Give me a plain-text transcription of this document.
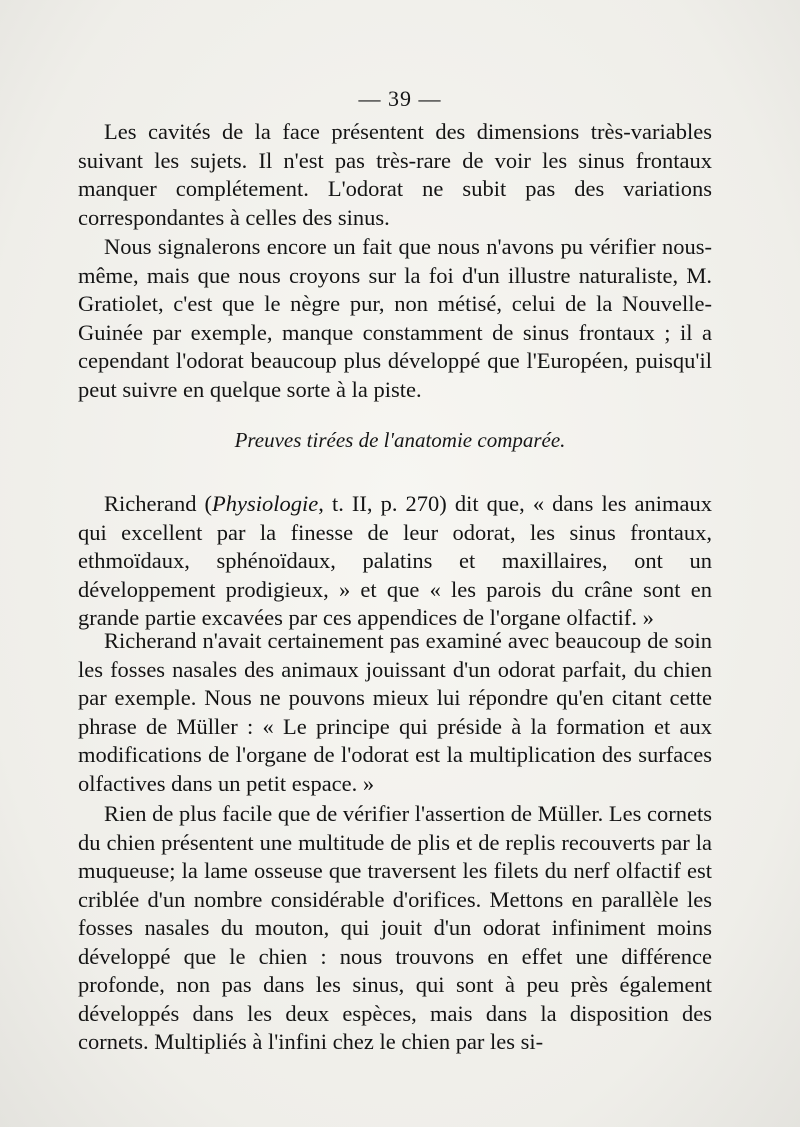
— 39 —

Les cavités de la face présentent des dimensions très-variables suivant les sujets. Il n'est pas très-rare de voir les sinus frontaux manquer complétement. L'odorat ne subit pas des variations correspondantes à celles des sinus.

Nous signalerons encore un fait que nous n'avons pu vérifier nous-même, mais que nous croyons sur la foi d'un illustre naturaliste, M. Gratiolet, c'est que le nègre pur, non métisé, celui de la Nouvelle-Guinée par exemple, manque constamment de sinus frontaux ; il a cependant l'odorat beaucoup plus développé que l'Européen, puisqu'il peut suivre en quelque sorte à la piste.

Preuves tirées de l'anatomie comparée.

Richerand (Physiologie, t. II, p. 270) dit que, « dans les animaux qui excellent par la finesse de leur odorat, les sinus frontaux, ethmoïdaux, sphénoïdaux, palatins et maxillaires, ont un développement prodigieux, » et que « les parois du crâne sont en grande partie excavées par ces appendices de l'organe olfactif. »

Richerand n'avait certainement pas examiné avec beaucoup de soin les fosses nasales des animaux jouissant d'un odorat parfait, du chien par exemple. Nous ne pouvons mieux lui répondre qu'en citant cette phrase de Müller : « Le principe qui préside à la formation et aux modifications de l'organe de l'odorat est la multiplication des surfaces olfactives dans un petit espace. »

Rien de plus facile que de vérifier l'assertion de Müller. Les cornets du chien présentent une multitude de plis et de replis recouverts par la muqueuse; la lame osseuse que traversent les filets du nerf olfactif est criblée d'un nombre considérable d'orifices. Mettons en parallèle les fosses nasales du mouton, qui jouit d'un odorat infiniment moins développé que le chien : nous trouvons en effet une différence profonde, non pas dans les sinus, qui sont à peu près également développés dans les deux espèces, mais dans la disposition des cornets. Multipliés à l'infini chez le chien par les si-
